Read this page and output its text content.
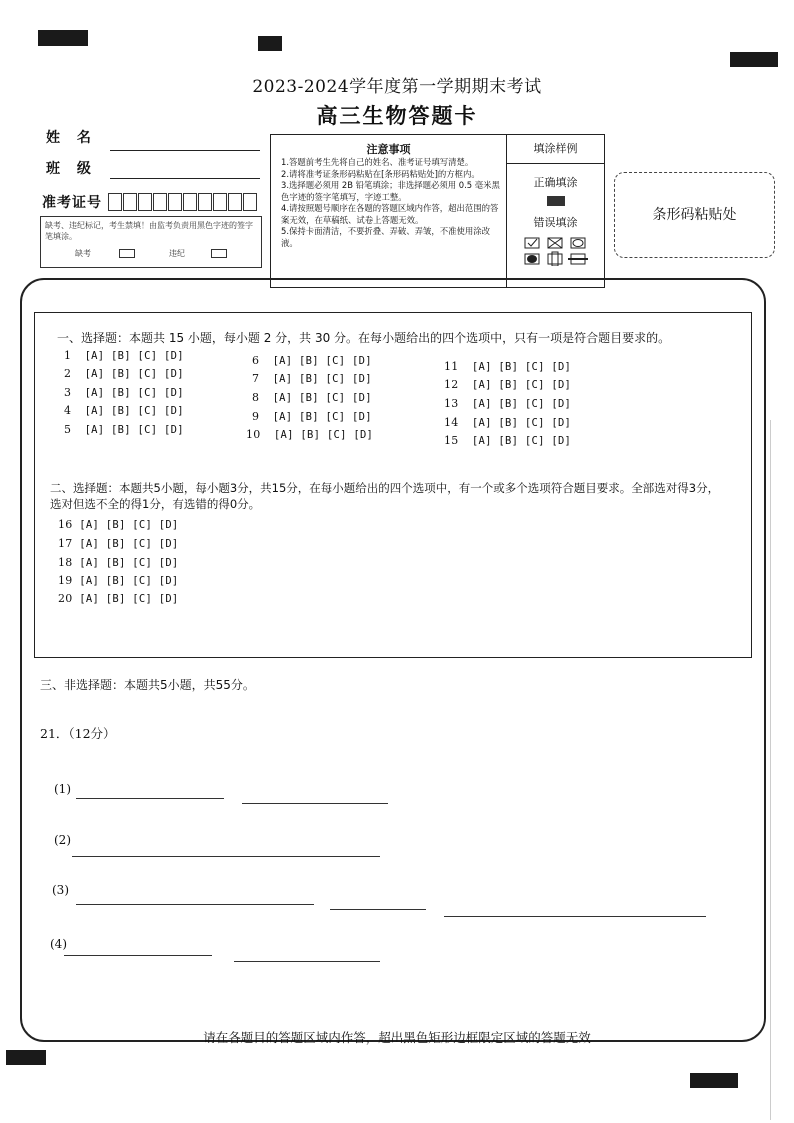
2023-2024学年度第一学期期末考试
高三生物答题卡
姓 名
班 级
准考证号
缺考、违纪标记，考生禁填！由监考负责用黑色字迹的签字笔填涂。
缺考	违纪
注意事项
1.答题前考生先将自己的姓名、准考证号填写清楚。
2.请将准考证条形码粘贴在[条形码粘贴处]的方框内。
3.选择题必须用 2B 铅笔填涂；非选择题必须用 0.5 毫米黑色字迹的签字笔填写，字迹工整。
4.请按照题号顺序在各题的答题区域内作答，超出范围的答案无效，在草稿纸、试卷上答题无效。
5.保持卡面清洁，不要折叠、弄破、弄皱，不准使用涂改液。
填涂样例
正确填涂
错误填涂	条形码粘贴处
一、选择题：本题共 15 小题，每小题 2 分，共 30 分。在每小题给出的四个选项中，只有一项是符合题目要求的。
1 [A] [B] [C] [D]
2 [A] [B] [C] [D]
3 [A] [B] [C] [D]
4 [A] [B] [C] [D]
5 [A] [B] [C] [D]
6 [A] [B] [C] [D]
7 [A] [B] [C] [D]
8 [A] [B] [C] [D]
9 [A] [B] [C] [D]
10 [A] [B] [C] [D]
11 [A] [B] [C] [D]
12 [A] [B] [C] [D]
13 [A] [B] [C] [D]
14 [A] [B] [C] [D]
15 [A] [B] [C] [D]
二、选择题：本题共5小题，每小题3分，共15分，在每小题给出的四个选项中，有一个或多个选项符合题目要求。全部选对得3分，
选对但选不全的得1分，有选错的得0分。
16 [A] [B] [C] [D]
17 [A] [B] [C] [D]
18 [A] [B] [C] [D]
19 [A] [B] [C] [D]
20 [A] [B] [C] [D]
三、非选择题：本题共5小题，共55分。
21．（12分）
(1)
(2)
(3)
(4)
请在各题目的答题区域内作答，超出黑色矩形边框限定区域的答题无效
